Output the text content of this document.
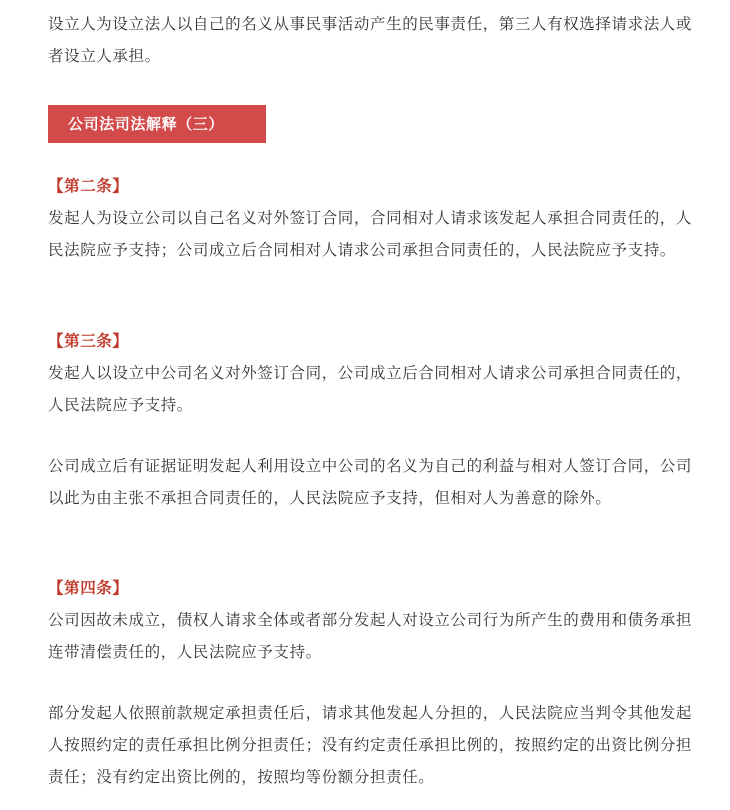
设立人为设立法人以自己的名义从事民事活动产生的民事责任，第三人有权选择请求法人或者设立人承担。

公司法司法解释（三）

【第二条】

发起人为设立公司以自己名义对外签订合同，合同相对人请求该发起人承担合同责任的，人民法院应予支持；公司成立后合同相对人请求公司承担合同责任的，人民法院应予支持。

【第三条】

发起人以设立中公司名义对外签订合同，公司成立后合同相对人请求公司承担合同责任的，人民法院应予支持。

公司成立后有证据证明发起人利用设立中公司的名义为自己的利益与相对人签订合同，公司以此为由主张不承担合同责任的，人民法院应予支持，但相对人为善意的除外。

【第四条】

公司因故未成立，债权人请求全体或者部分发起人对设立公司行为所产生的费用和债务承担连带清偿责任的，人民法院应予支持。

部分发起人依照前款规定承担责任后，请求其他发起人分担的，人民法院应当判令其他发起人按照约定的责任承担比例分担责任；没有约定责任承担比例的，按照约定的出资比例分担责任；没有约定出资比例的，按照均等份额分担责任。
